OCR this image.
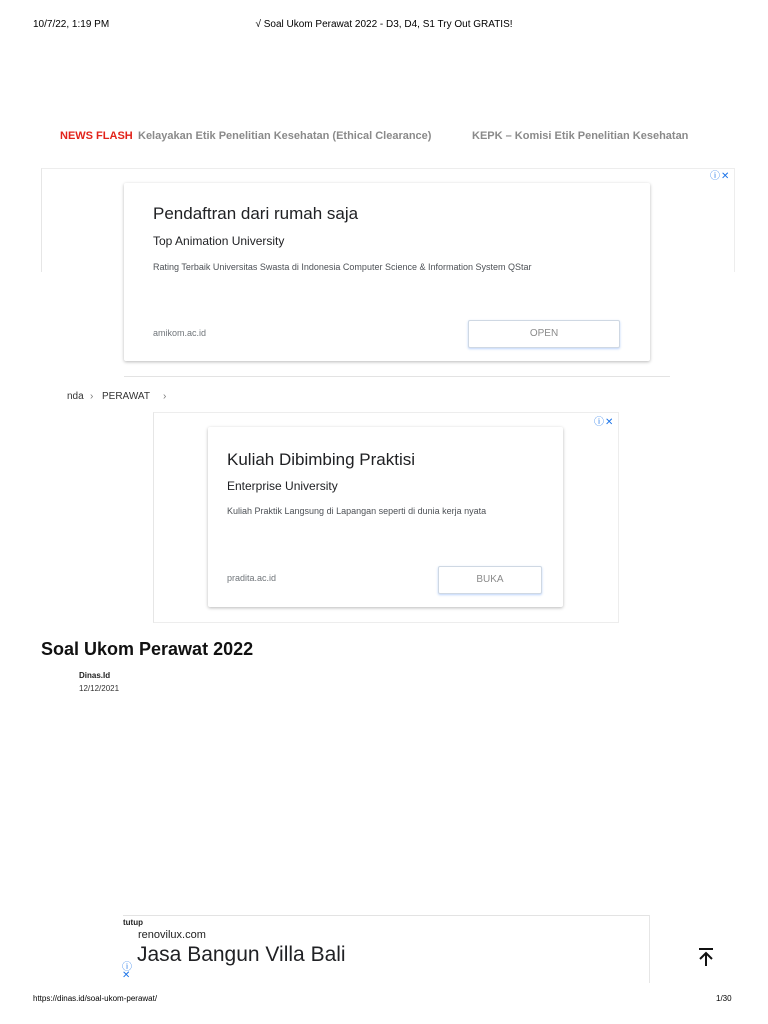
10/7/22, 1:19 PM	√ Soal Ukom Perawat 2022 - D3, D4, S1 Try Out GRATIS!
NEWS FLASH Kelayakan Etik Penelitian Kesehatan (Ethical Clearance)	KEPK – Komisi Etik Penelitian Kesehatan
ⓘ✕
Pendaftran dari rumah saja
Top Animation University
Rating Terbaik Universitas Swasta di Indonesia Computer Science & Information System QStar
amikom.ac.id	OPEN
nda › PERAWAT ›
ⓘ✕
Kuliah Dibimbing Praktisi
Enterprise University
Kuliah Praktik Langsung di Lapangan seperti di dunia kerja nyata
pradita.ac.id	BUKA
Soal Ukom Perawat 2022
Dinas.Id
12/12/2021
tutup
renovilux.com
ⓘ
✕
Jasa Bangun Villa Bali
https://dinas.id/soal-ukom-perawat/	1/30
